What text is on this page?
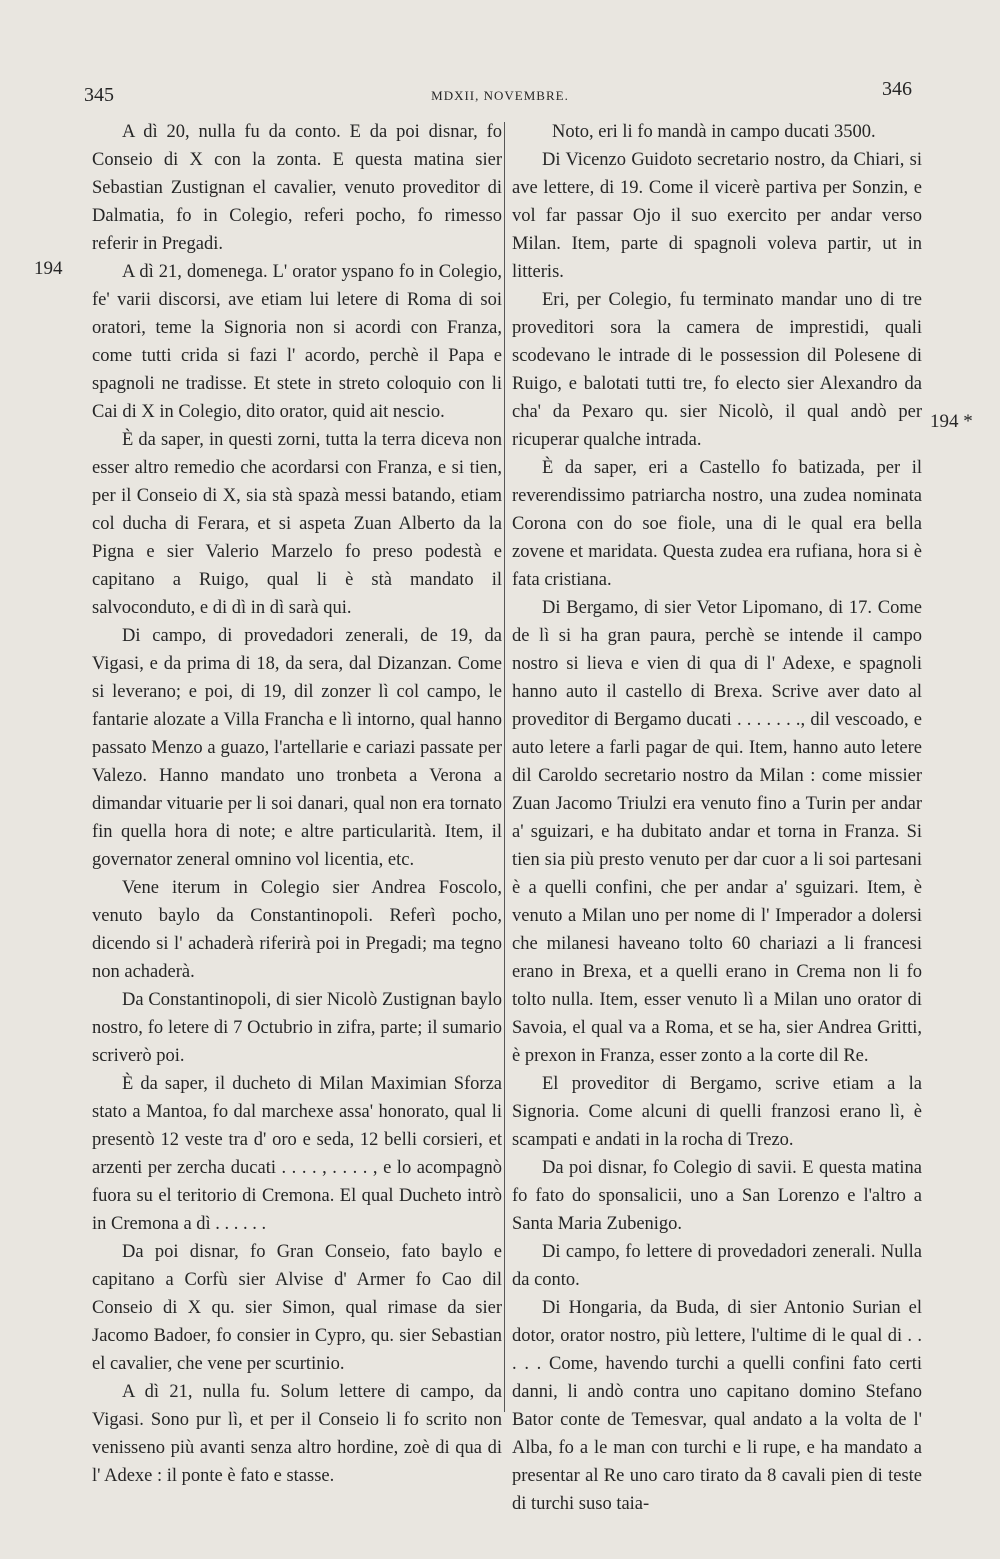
345	MDXII, NOVEMBRE.	346
194
194 *

A dì 20, nulla fu da conto. E da poi disnar, fo Conseio di X con la zonta. E questa matina sier Sebastian Zustignan el cavalier, venuto proveditor di Dalmatia, fo in Colegio, referi pocho, fo rimesso referir in Pregadi.

A dì 21, domenega. L' orator yspano fo in Colegio, fe' varii discorsi, ave etiam lui letere di Roma di soi oratori, teme la Signoria non si acordi con Franza, come tutti crida si fazi l' acordo, perchè il Papa e spagnoli ne tradisse. Et stete in streto coloquio con li Cai di X in Colegio, dito orator, quid ait nescio.

È da saper, in questi zorni, tutta la terra diceva non esser altro remedio che acordarsi con Franza, e si tien, per il Conseio di X, sia stà spazà messi batando, etiam col ducha di Ferara, et si aspeta Zuan Alberto da la Pigna e sier Valerio Marzelo fo preso podestà e capitano a Ruigo, qual li è stà mandato il salvoconduto, e di dì in dì sarà qui.

Di campo, di provedadori zenerali, de 19, da Vigasi, e da prima di 18, da sera, dal Dizanzan. Come si leverano; e poi, di 19, dil zonzer lì col campo, le fantarie alozate a Villa Francha e lì intorno, qual hanno passato Menzo a guazo, l'artellarie e cariazi passate per Valezo. Hanno mandato uno tronbeta a Verona a dimandar vituarie per li soi danari, qual non era tornato fin quella hora di note; e altre particularità. Item, il governator zeneral omnino vol licentia, etc.

Vene iterum in Colegio sier Andrea Foscolo, venuto baylo da Constantinopoli. Referì pocho, dicendo si l' achaderà riferirà poi in Pregadi; ma tegno non achaderà.

Da Constantinopoli, di sier Nicolò Zustignan baylo nostro, fo letere di 7 Octubrio in zifra, parte; il sumario scriverò poi.

È da saper, il ducheto di Milan Maximian Sforza stato a Mantoa, fo dal marchexe assa' honorato, qual li presentò 12 veste tra d' oro e seda, 12 belli corsieri, et arzenti per zercha ducati . . . . , . . . . , e lo acompagnò fuora su el teritorio di Cremona. El qual Ducheto intrò in Cremona a dì . . . . . .

Da poi disnar, fo Gran Conseio, fato baylo e capitano a Corfù sier Alvise d' Armer fo Cao dil Conseio di X qu. sier Simon, qual rimase da sier Jacomo Badoer, fo consier in Cypro, qu. sier Sebastian el cavalier, che vene per scurtinio.

A dì 21, nulla fu. Solum lettere di campo, da Vigasi. Sono pur lì, et per il Conseio li fo scrito non venisseno più avanti senza altro hordine, zoè di qua di l' Adexe : il ponte è fato e stasse.

Noto, eri li fo mandà in campo ducati 3500.

Di Vicenzo Guidoto secretario nostro, da Chiari, si ave lettere, di 19. Come il vicerè partiva per Sonzin, e vol far passar Ojo il suo exercito per andar verso Milan. Item, parte di spagnoli voleva partir, ut in litteris.

Eri, per Colegio, fu terminato mandar uno di tre proveditori sora la camera de imprestidi, quali scodevano le intrade di le possession dil Polesene di Ruigo, e balotati tutti tre, fo electo sier Alexandro da cha' da Pexaro qu. sier Nicolò, il qual andò per ricuperar qualche intrada.

È da saper, eri a Castello fo batizada, per il reverendissimo patriarcha nostro, una zudea nominata Corona con do soe fiole, una di le qual era bella zovene et maridata. Questa zudea era rufiana, hora si è fata cristiana.

Di Bergamo, di sier Vetor Lipomano, di 17. Come de lì si ha gran paura, perchè se intende il campo nostro si lieva e vien di qua di l' Adexe, e spagnoli hanno auto il castello di Brexa. Scrive aver dato al proveditor di Bergamo ducati . . . . . . ., dil vescoado, e auto letere a farli pagar de qui. Item, hanno auto letere dil Caroldo secretario nostro da Milan : come missier Zuan Jacomo Triulzi era venuto fino a Turin per andar a' sguizari, e ha dubitato andar et torna in Franza. Si tien sia più presto venuto per dar cuor a li soi partesani è a quelli confini, che per andar a' sguizari. Item, è venuto a Milan uno per nome di l' Imperador a dolersi che milanesi haveano tolto 60 chariazi a li francesi erano in Brexa, et a quelli erano in Crema non li fo tolto nulla. Item, esser venuto lì a Milan uno orator di Savoia, el qual va a Roma, et se ha, sier Andrea Gritti, è prexon in Franza, esser zonto a la corte dil Re.

El proveditor di Bergamo, scrive etiam a la Signoria. Come alcuni di quelli franzosi erano lì, è scampati e andati in la rocha di Trezo.

Da poi disnar, fo Colegio di savii. E questa matina fo fato do sponsalicii, uno a San Lorenzo e l'altro a Santa Maria Zubenigo.

Di campo, fo lettere di provedadori zenerali. Nulla da conto.

Di Hongaria, da Buda, di sier Antonio Surian el dotor, orator nostro, più lettere, l'ultime di le qual di . . . . . Come, havendo turchi a quelli confini fato certi danni, li andò contra uno capitano domino Stefano Bator conte de Temesvar, qual andato a la volta de l' Alba, fo a le man con turchi e li rupe, e ha mandato a presentar al Re uno caro tirato da 8 cavali pien di teste di turchi suso taia-
